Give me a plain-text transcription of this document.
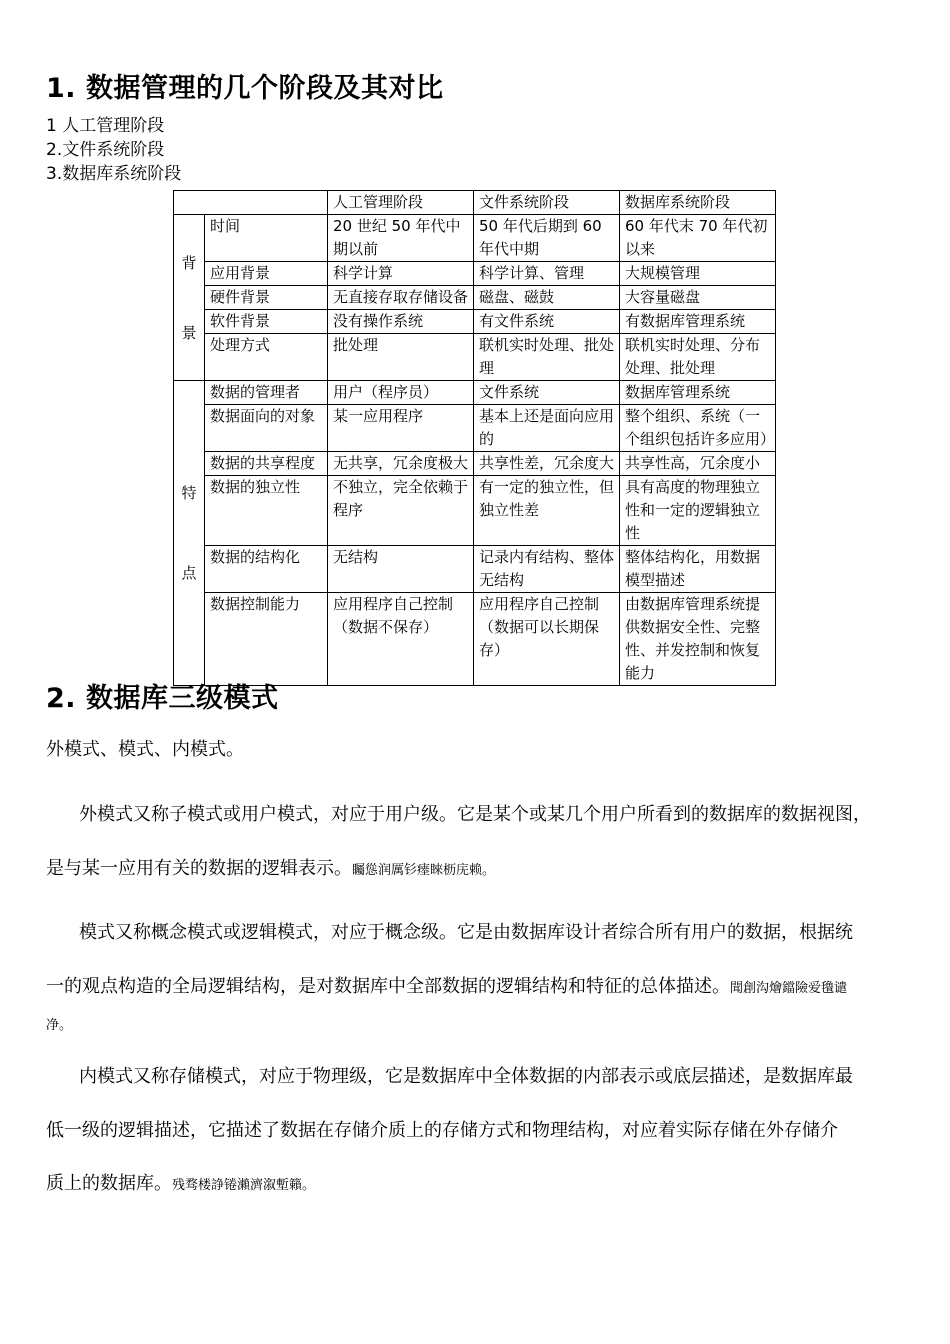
1. 数据管理的几个阶段及其对比
1 人工管理阶段
2.文件系统阶段
3.数据库系统阶段
		人工管理阶段	文件系统阶段	数据库系统阶段
背景	时间	20 世纪 50 年代中期以前	50 年代后期到 60 年代中期	60 年代末 70 年代初以来
	应用背景	科学计算	科学计算、管理	大规模管理
	硬件背景	无直接存取存储设备	磁盘、磁鼓	大容量磁盘
	软件背景	没有操作系统	有文件系统	有数据库管理系统
	处理方式	批处理	联机实时处理、批处理	联机实时处理、分布处理、批处理
特点	数据的管理者	用户（程序员）	文件系统	数据库管理系统
	数据面向的对象	某一应用程序	基本上还是面向应用的	整个组织、系统（一个组织包括许多应用）
	数据的共享程度	无共享，冗余度极大	共享性差，冗余度大	共享性高，冗余度小
	数据的独立性	不独立，完全依赖于程序	有一定的独立性，但独立性差	具有高度的物理独立性和一定的逻辑独立性
	数据的结构化	无结构	记录内有结构、整体无结构	整体结构化，用数据模型描述
	数据控制能力	应用程序自己控制（数据不保存）	应用程序自己控制（数据可以长期保存）	由数据库管理系统提供数据安全性、完整性、并发控制和恢复能力
2. 数据库三级模式
外模式、模式、内模式。
外模式又称子模式或用户模式，对应于用户级。它是某个或某几个用户所看到的数据库的数据视图，
是与某一应用有关的数据的逻辑表示。矚慫润厲钐瘗睞枥庑赖。
模式又称概念模式或逻辑模式，对应于概念级。它是由数据库设计者综合所有用户的数据，根据统
一的观点构造的全局逻辑结构，是对数据库中全部数据的逻辑结构和特征的总体描述。聞創沟燴鐺險爱氇谴
净。
内模式又称存储模式，对应于物理级，它是数据库中全体数据的内部表示或底层描述，是数据库最
低一级的逻辑描述，它描述了数据在存储介质上的存储方式和物理结构，对应着实际存储在外存储介
质上的数据库。残骛楼諍锩瀨濟溆塹籟。
